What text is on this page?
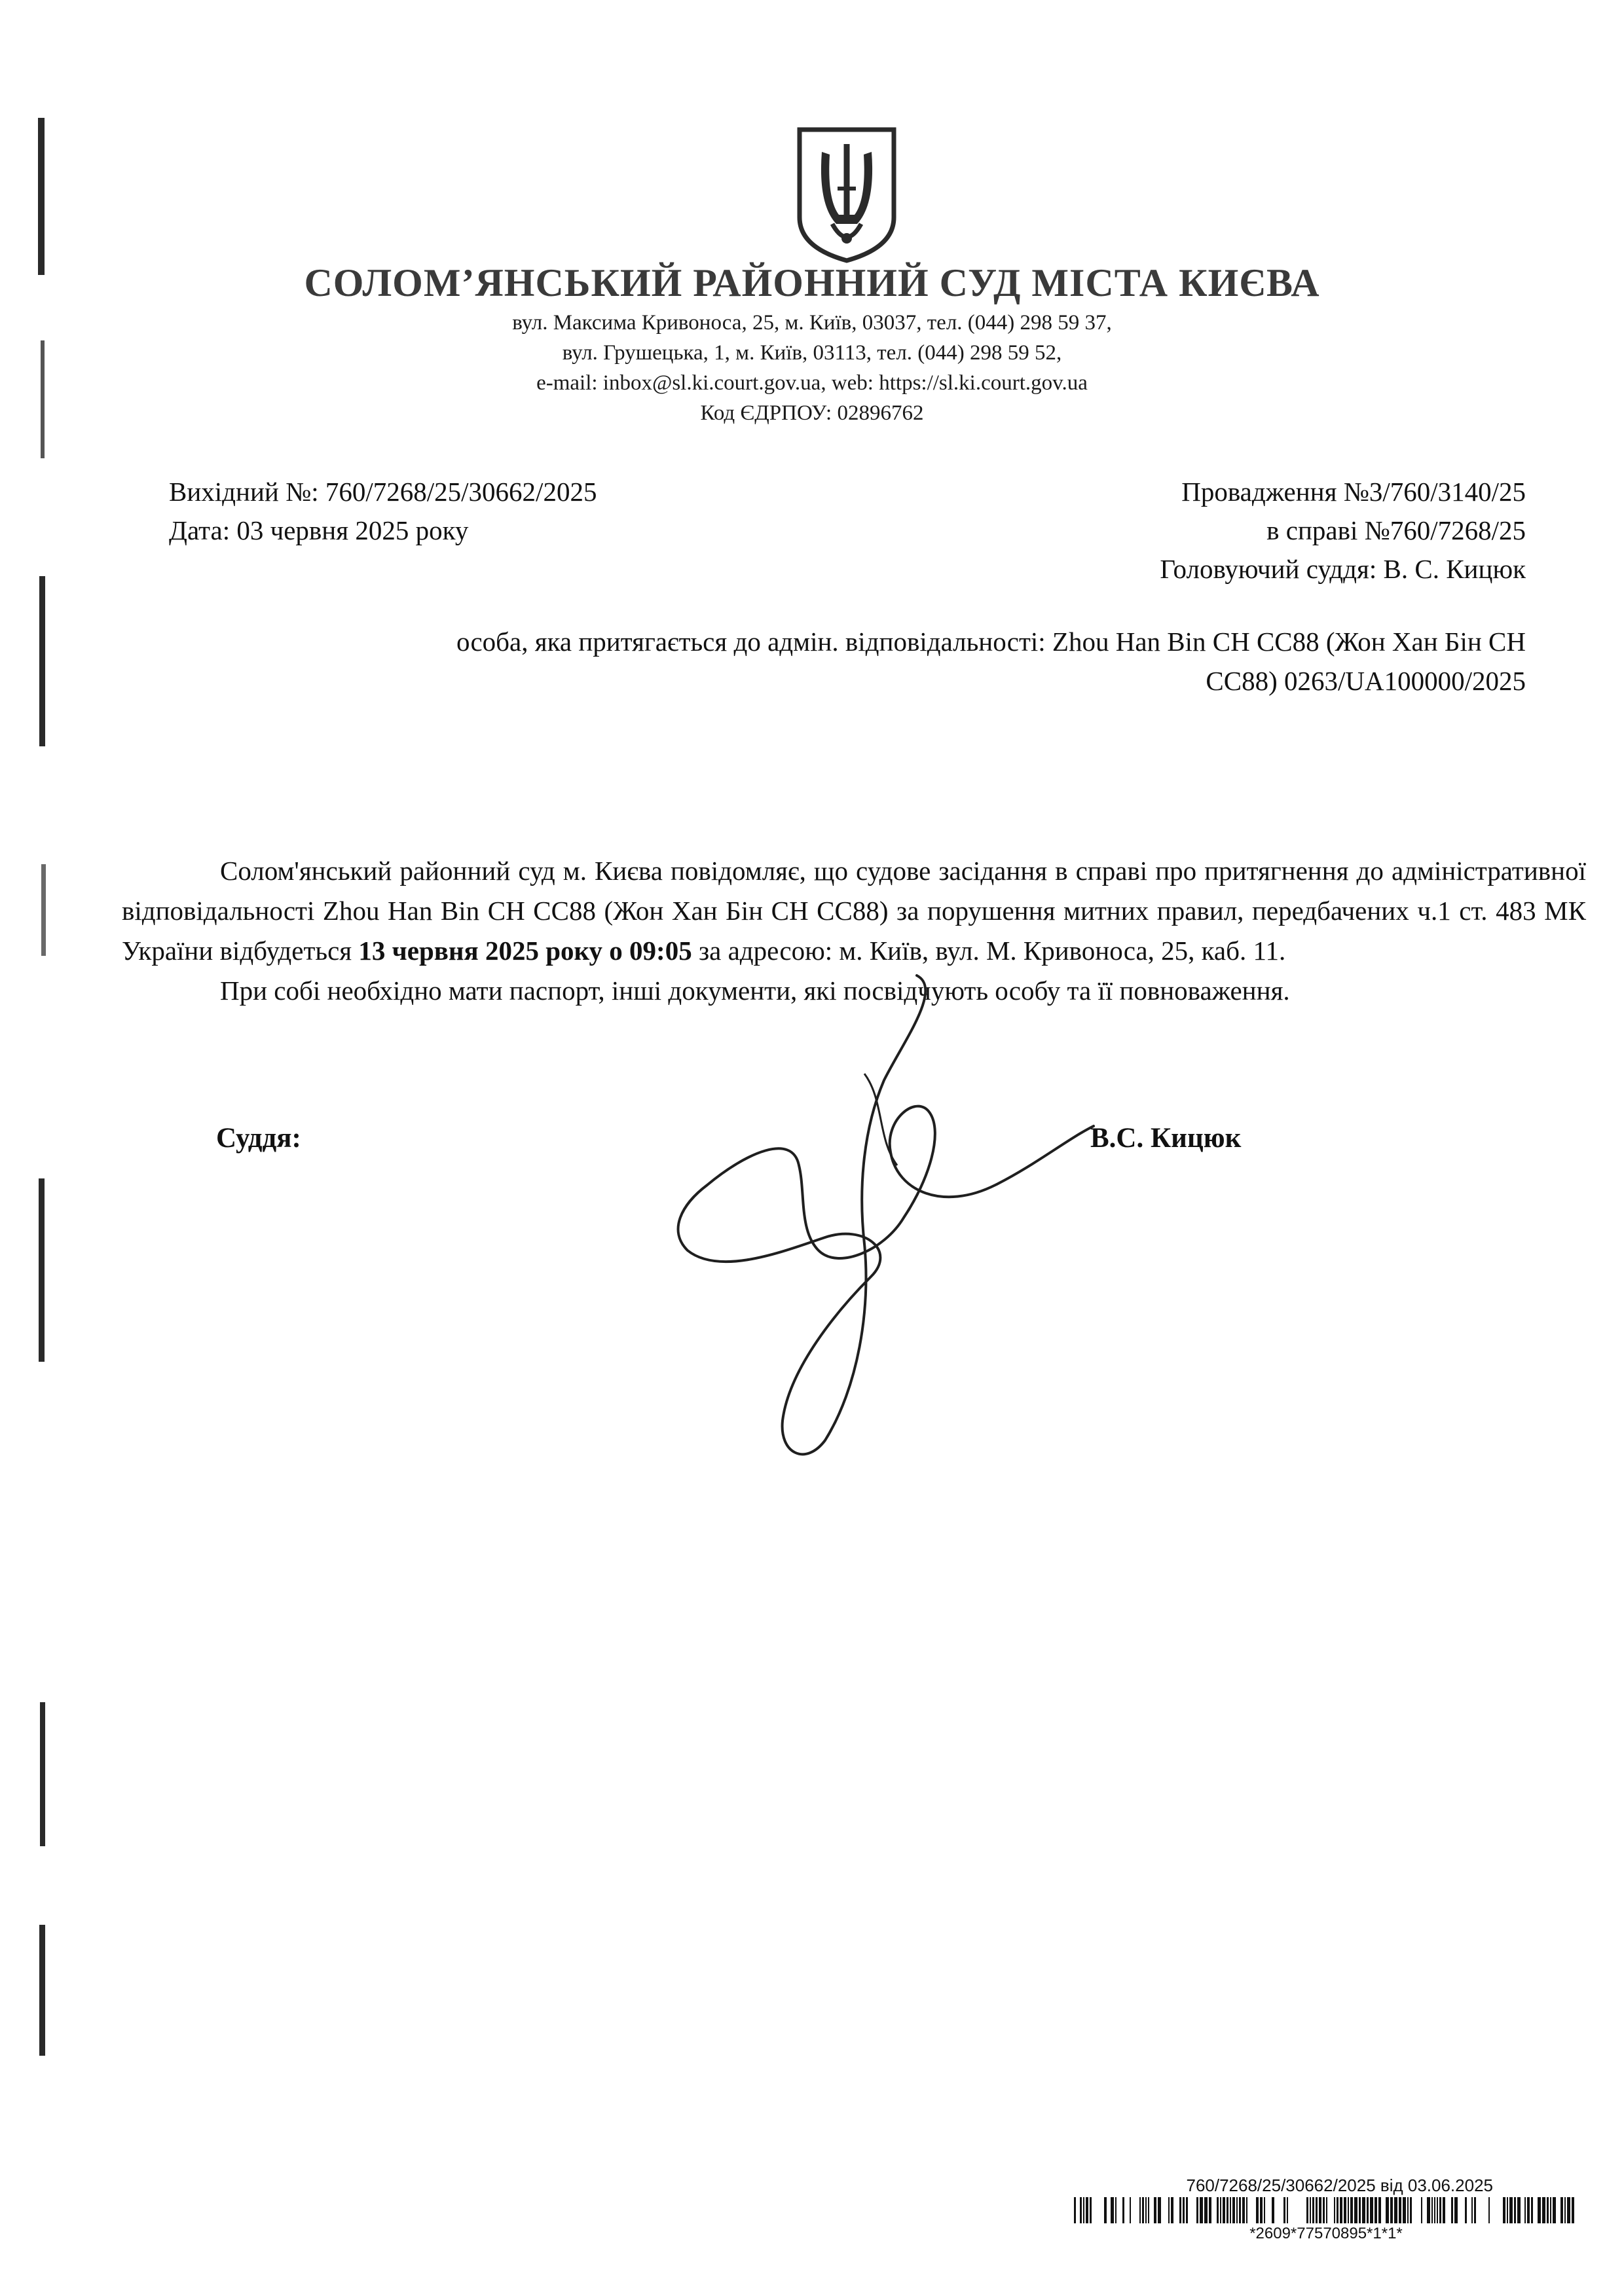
СОЛОМ’ЯНСЬКИЙ РАЙОННИЙ СУД МІСТА КИЄВА
вул. Максима Кривоноса, 25, м. Київ, 03037, тел. (044) 298 59 37,
вул. Грушецька, 1, м. Київ, 03113, тел. (044) 298 59 52,
e-mail: inbox@sl.ki.court.gov.ua, web: https://sl.ki.court.gov.ua
Код ЄДРПОУ: 02896762
Вихідний №: 760/7268/25/30662/2025
Дата: 03 червня 2025 року
Провадження №3/760/3140/25
в справі №760/7268/25
Головуючий суддя: В. С. Кицюк
особа, яка притягається до адмін. відповідальності: Zhou Han Bin CH CC88 (Жон Хан Бін CH
CC88) 0263/UA100000/2025

Солом'янський районний суд м. Києва повідомляє, що судове засідання в справі про притягнення до адміністративної відповідальності Zhou Han Bin CH CC88 (Жон Хан Бін CH CC88) за порушення митних правил, передбачених ч.1 ст. 483 МК України відбудеться 13 червня 2025 року о 09:05 за адресою: м. Київ, вул. М. Кривоноса, 25, каб. 11.

При собі необхідно мати паспорт, інші документи, які посвідчують особу та її повноваження.

Суддя:	В.С. Кицюк
760/7268/25/30662/2025 від 03.06.2025
*2609*77570895*1*1*
